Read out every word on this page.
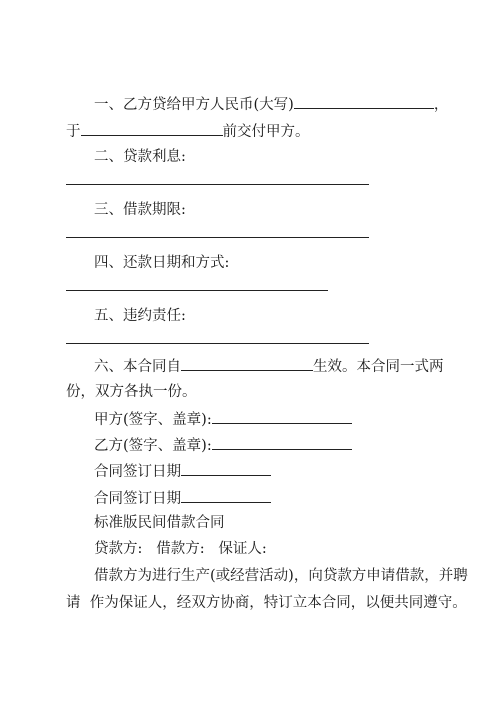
一、乙方贷给甲方人民币(大写)	，
于	前交付甲方。
二、贷款利息:
三、借款期限:
四、还款日期和方式:
五、违约责任:
六、本合同自	生效。本合同一式两
份，双方各执一份。
甲方(签字、盖章):
乙方(签字、盖章):
合同签订日期
合同签订日期
标准版民间借款合同
贷款方:   借款方:   保证人:
借款方为进行生产(或经营活动)，向贷款方申请借款，并聘
请  作为保证人，经双方协商，特订立本合同，以便共同遵守。
